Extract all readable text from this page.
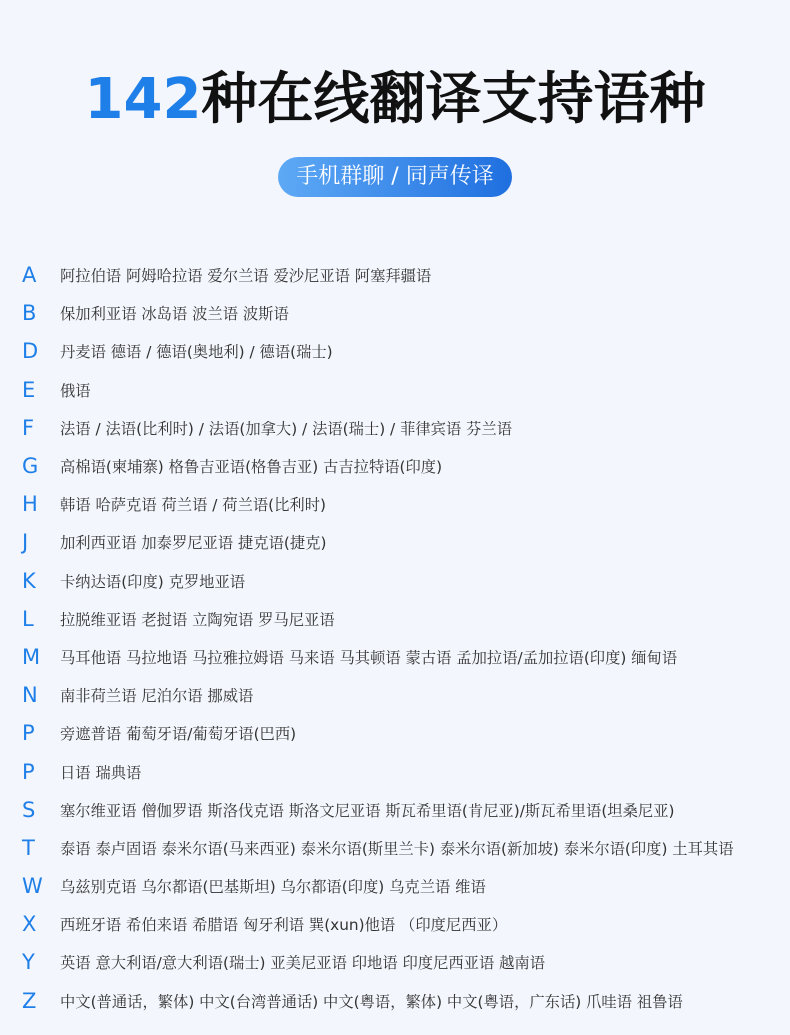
142种在线翻译支持语种
手机群聊 / 同声传译
A	阿拉伯语 阿姆哈拉语 爱尔兰语 爱沙尼亚语 阿塞拜疆语
B	保加利亚语 冰岛语 波兰语 波斯语
D	丹麦语 德语 / 德语(奥地利) / 德语(瑞士)
E	俄语
F	法语 / 法语(比利时) / 法语(加拿大) / 法语(瑞士) / 菲律宾语 芬兰语
G	高棉语(柬埔寨) 格鲁吉亚语(格鲁吉亚) 古吉拉特语(印度)
H	韩语 哈萨克语 荷兰语 / 荷兰语(比利时)
J	加利西亚语 加泰罗尼亚语 捷克语(捷克)
K	卡纳达语(印度) 克罗地亚语
L	拉脱维亚语 老挝语 立陶宛语 罗马尼亚语
M	马耳他语 马拉地语 马拉雅拉姆语 马来语 马其顿语 蒙古语 孟加拉语/孟加拉语(印度) 缅甸语
N	南非荷兰语 尼泊尔语 挪威语
P	旁遮普语 葡萄牙语/葡萄牙语(巴西)
P	日语 瑞典语
S	塞尔维亚语 僧伽罗语 斯洛伐克语 斯洛文尼亚语 斯瓦希里语(肯尼亚)/斯瓦希里语(坦桑尼亚)
T	泰语 泰卢固语 泰米尔语(马来西亚) 泰米尔语(斯里兰卡) 泰米尔语(新加坡) 泰米尔语(印度) 土耳其语
W	乌兹别克语 乌尔都语(巴基斯坦) 乌尔都语(印度) 乌克兰语 维语
X	西班牙语 希伯来语 希腊语 匈牙利语 巽(xun)他语 （印度尼西亚）
Y	英语 意大利语/意大利语(瑞士) 亚美尼亚语 印地语 印度尼西亚语 越南语
Z	中文(普通话，繁体) 中文(台湾普通话) 中文(粤语，繁体) 中文(粤语，广东话) 爪哇语 祖鲁语
